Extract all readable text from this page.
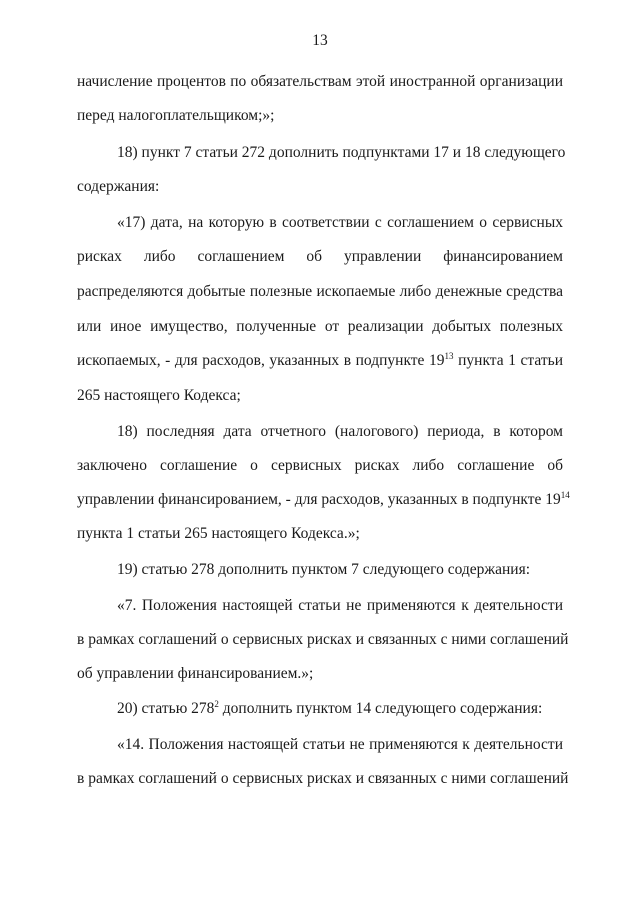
13
начисление процентов по обязательствам этой иностранной организации
перед налогоплательщиком;»;
18) пункт 7 статьи 272 дополнить подпунктами 17 и 18 следующего
содержания:
«17) дата, на которую в соответствии с соглашением о сервисных
рисках либо соглашением об управлении финансированием
распределяются добытые полезные ископаемые либо денежные средства
или иное имущество, полученные от реализации добытых полезных
ископаемых, - для расходов, указанных в подпункте $19^{13}$ пункта 1 статьи
265 настоящего Кодекса;
18) последняя дата отчетного (налогового) периода, в котором
заключено соглашение о сервисных рисках либо соглашение об
управлении финансированием, - для расходов, указанных в подпункте $19^{14}$
пункта 1 статьи 265 настоящего Кодекса.»;
19) статью 278 дополнить пунктом 7 следующего содержания:
«7. Положения настоящей статьи не применяются к деятельности
в рамках соглашений о сервисных рисках и связанных с ними соглашений
об управлении финансированием.»;
20) статью $278^2$ дополнить пунктом 14 следующего содержания:
«14. Положения настоящей статьи не применяются к деятельности
в рамках соглашений о сервисных рисках и связанных с ними соглашений
